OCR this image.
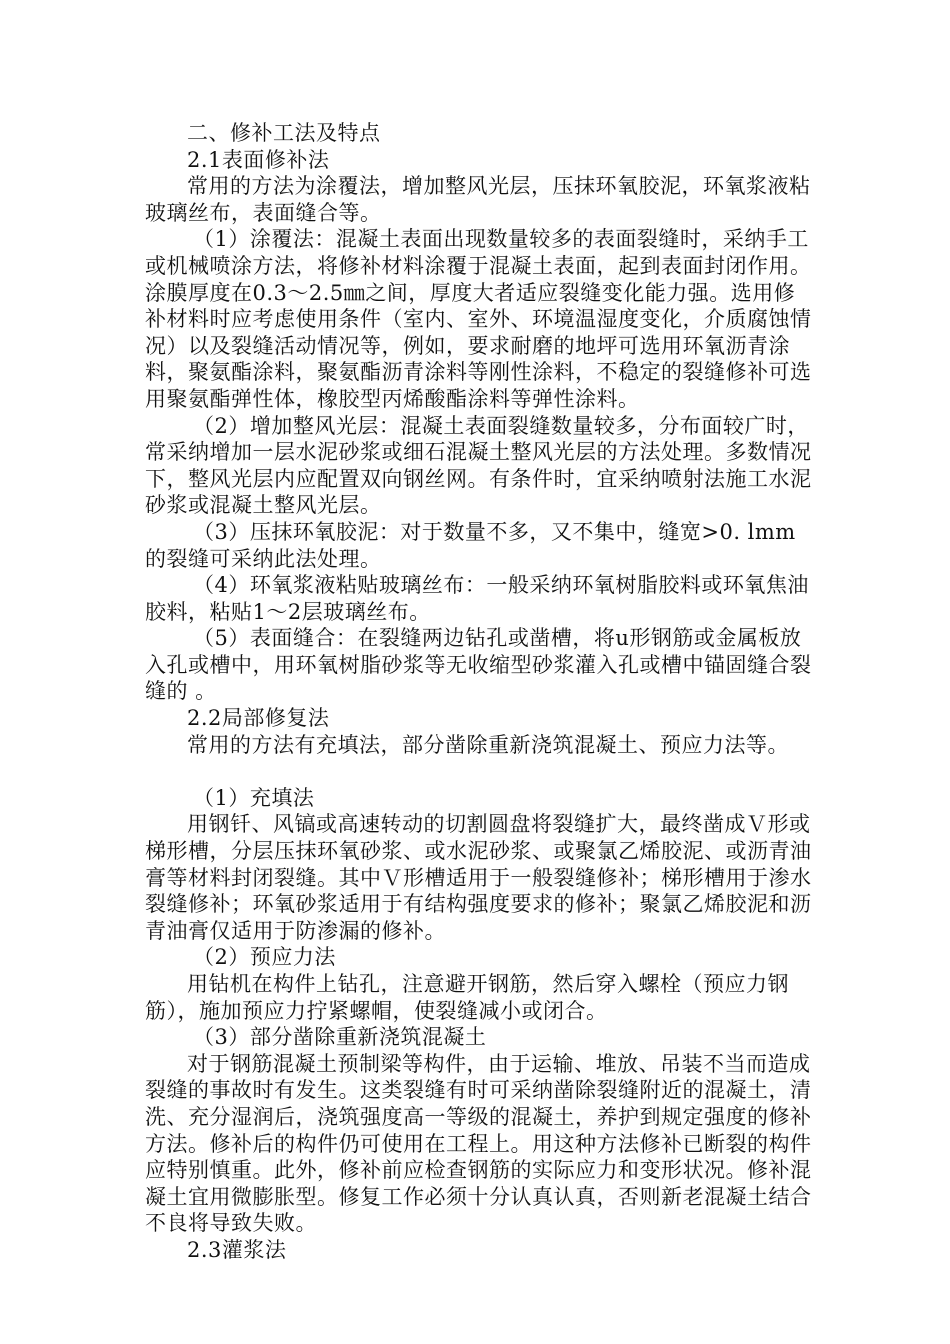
二、修补工法及特点

2.1表面修补法

常用的方法为涂覆法，增加整风光层，压抹环氧胶泥，环氧浆液粘玻璃丝布，表面缝合等。

（1）涂覆法：混凝土表面出现数量较多的表面裂缝时，采纳手工或机械喷涂方法，将修补材料涂覆于混凝土表面，起到表面封闭作用。涂膜厚度在0.3～2.5㎜之间，厚度大者适应裂缝变化能力强。选用修补材料时应考虑使用条件（室内、室外、环境温湿度变化，介质腐蚀情况）以及裂缝活动情况等，例如，要求耐磨的地坪可选用环氧沥青涂料，聚氨酯涂料，聚氨酯沥青涂料等刚性涂料，不稳定的裂缝修补可选用聚氨酯弹性体，橡胶型丙烯酸酯涂料等弹性涂料。

（2）增加整风光层：混凝土表面裂缝数量较多，分布面较广时，常采纳增加一层水泥砂浆或细石混凝土整风光层的方法处理。多数情况下，整风光层内应配置双向钢丝网。有条件时，宜采纳喷射法施工水泥砂浆或混凝土整风光层。

（3）压抹环氧胶泥：对于数量不多，又不集中，缝宽>0. lmm的裂缝可采纳此法处理。

（4）环氧浆液粘贴玻璃丝布：一般采纳环氧树脂胶料或环氧焦油胶料，粘贴1～2层玻璃丝布。

（5）表面缝合：在裂缝两边钻孔或凿槽，将u形钢筋或金属板放入孔或槽中，用环氧树脂砂浆等无收缩型砂浆灌入孔或槽中锚固缝合裂缝的 。

2.2局部修复法

常用的方法有充填法，部分凿除重新浇筑混凝土、预应力法等。

（1）充填法

用钢钎、风镐或高速转动的切割圆盘将裂缝扩大，最终凿成Ｖ形或梯形槽，分层压抹环氧砂浆、或水泥砂浆、或聚氯乙烯胶泥、或沥青油膏等材料封闭裂缝。其中Ｖ形槽适用于一般裂缝修补；梯形槽用于渗水裂缝修补；环氧砂浆适用于有结构强度要求的修补；聚氯乙烯胶泥和沥青油膏仅适用于防渗漏的修补。

（2）预应力法

用钻机在构件上钻孔，注意避开钢筋，然后穿入螺栓（预应力钢筋），施加预应力拧紧螺帽，使裂缝减小或闭合。

（3）部分凿除重新浇筑混凝土

对于钢筋混凝土预制梁等构件，由于运输、堆放、吊装不当而造成裂缝的事故时有发生。这类裂缝有时可采纳凿除裂缝附近的混凝土，清洗、充分湿润后，浇筑强度高一等级的混凝土，养护到规定强度的修补方法。修补后的构件仍可使用在工程上。用这种方法修补已断裂的构件应特别慎重。此外，修补前应检查钢筋的实际应力和变形状况。修补混凝土宜用微膨胀型。修复工作必须十分认真认真，否则新老混凝土结合不良将导致失败。

2.3灌浆法
